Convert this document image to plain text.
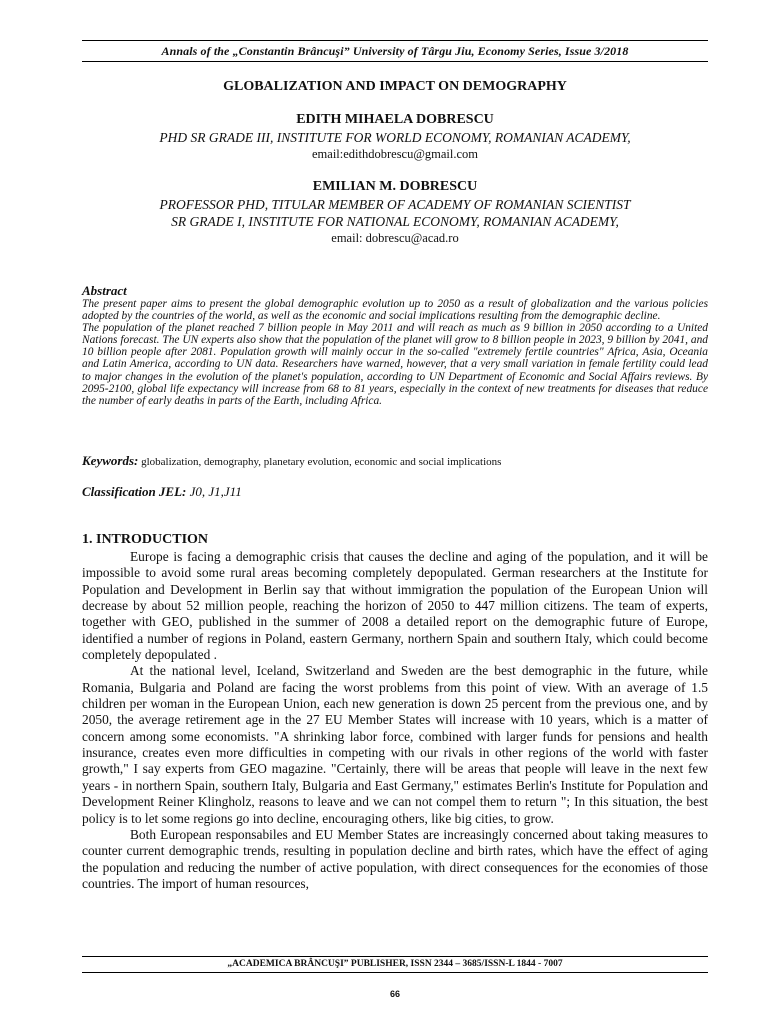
Annals of the „Constantin Brâncuşi” University of Târgu Jiu, Economy Series, Issue 3/2018
GLOBALIZATION AND IMPACT ON DEMOGRAPHY
EDITH MIHAELA DOBRESCU
PHD SR GRADE III, INSTITUTE FOR WORLD ECONOMY, ROMANIAN ACADEMY,
email:edithdobrescu@gmail.com
EMILIAN M. DOBRESCU
PROFESSOR PHD, TITULAR MEMBER OF ACADEMY OF ROMANIAN SCIENTIST
SR GRADE I, INSTITUTE FOR NATIONAL ECONOMY, ROMANIAN ACADEMY,
email: dobrescu@acad.ro
Abstract

The present paper aims to present the global demographic evolution up to 2050 as a result of globalization and the various policies adopted by the countries of the world, as well as the economic and social implications resulting from the demographic decline.

The population of the planet reached 7 billion people in May 2011 and will reach as much as 9 billion in 2050 according to a United Nations forecast. The UN experts also show that the population of the planet will grow to 8 billion people in 2023, 9 billion by 2041, and 10 billion people after 2081. Population growth will mainly occur in the so-called "extremely fertile countries" Africa, Asia, Oceania and Latin America, according to UN data. Researchers have warned, however, that a very small variation in female fertility could lead to major changes in the evolution of the planet's population, according to UN Department of Economic and Social Affairs reviews. By 2095-2100, global life expectancy will increase from 68 to 81 years, especially in the context of new treatments for diseases that reduce the number of early deaths in parts of the Earth, including Africa.

Keywords: globalization, demography, planetary evolution, economic and social implications
Classification JEL: J0, J1,J11
1. INTRODUCTION

Europe is facing a demographic crisis that causes the decline and aging of the population, and it will be impossible to avoid some rural areas becoming completely depopulated. German researchers at the Institute for Population and Development in Berlin say that without immigration the population of the European Union will decrease by about 52 million people, reaching the horizon of 2050 to 447 million citizens. The team of experts, together with GEO, published in the summer of 2008 a detailed report on the demographic future of Europe, identified a number of regions in Poland, eastern Germany, northern Spain and southern Italy, which could become completely depopulated .

At the national level, Iceland, Switzerland and Sweden are the best demographic in the future, while Romania, Bulgaria and Poland are facing the worst problems from this point of view. With an average of 1.5 children per woman in the European Union, each new generation is down 25 percent from the previous one, and by 2050, the average retirement age in the 27 EU Member States will increase with 10 years, which is a matter of concern among some economists. "A shrinking labor force, combined with larger funds for pensions and health insurance, creates even more difficulties in competing with our rivals in other regions of the world with faster growth," I say experts from GEO magazine. "Certainly, there will be areas that people will leave in the next few years - in northern Spain, southern Italy, Bulgaria and East Germany," estimates Berlin's Institute for Population and Development Reiner Klingholz, reasons to leave and we can not compel them to return "; In this situation, the best policy is to let some regions go into decline, encouraging others, like big cities, to grow.

Both European responsabiles and EU Member States are increasingly concerned about taking measures to counter current demographic trends, resulting in population decline and birth rates, which have the effect of aging the population and reducing the number of active population, with direct consequences for the economies of those countries. The import of human resources,

„ACADEMICA BRÂNCUŞI” PUBLISHER, ISSN 2344 – 3685/ISSN-L 1844 - 7007
66
